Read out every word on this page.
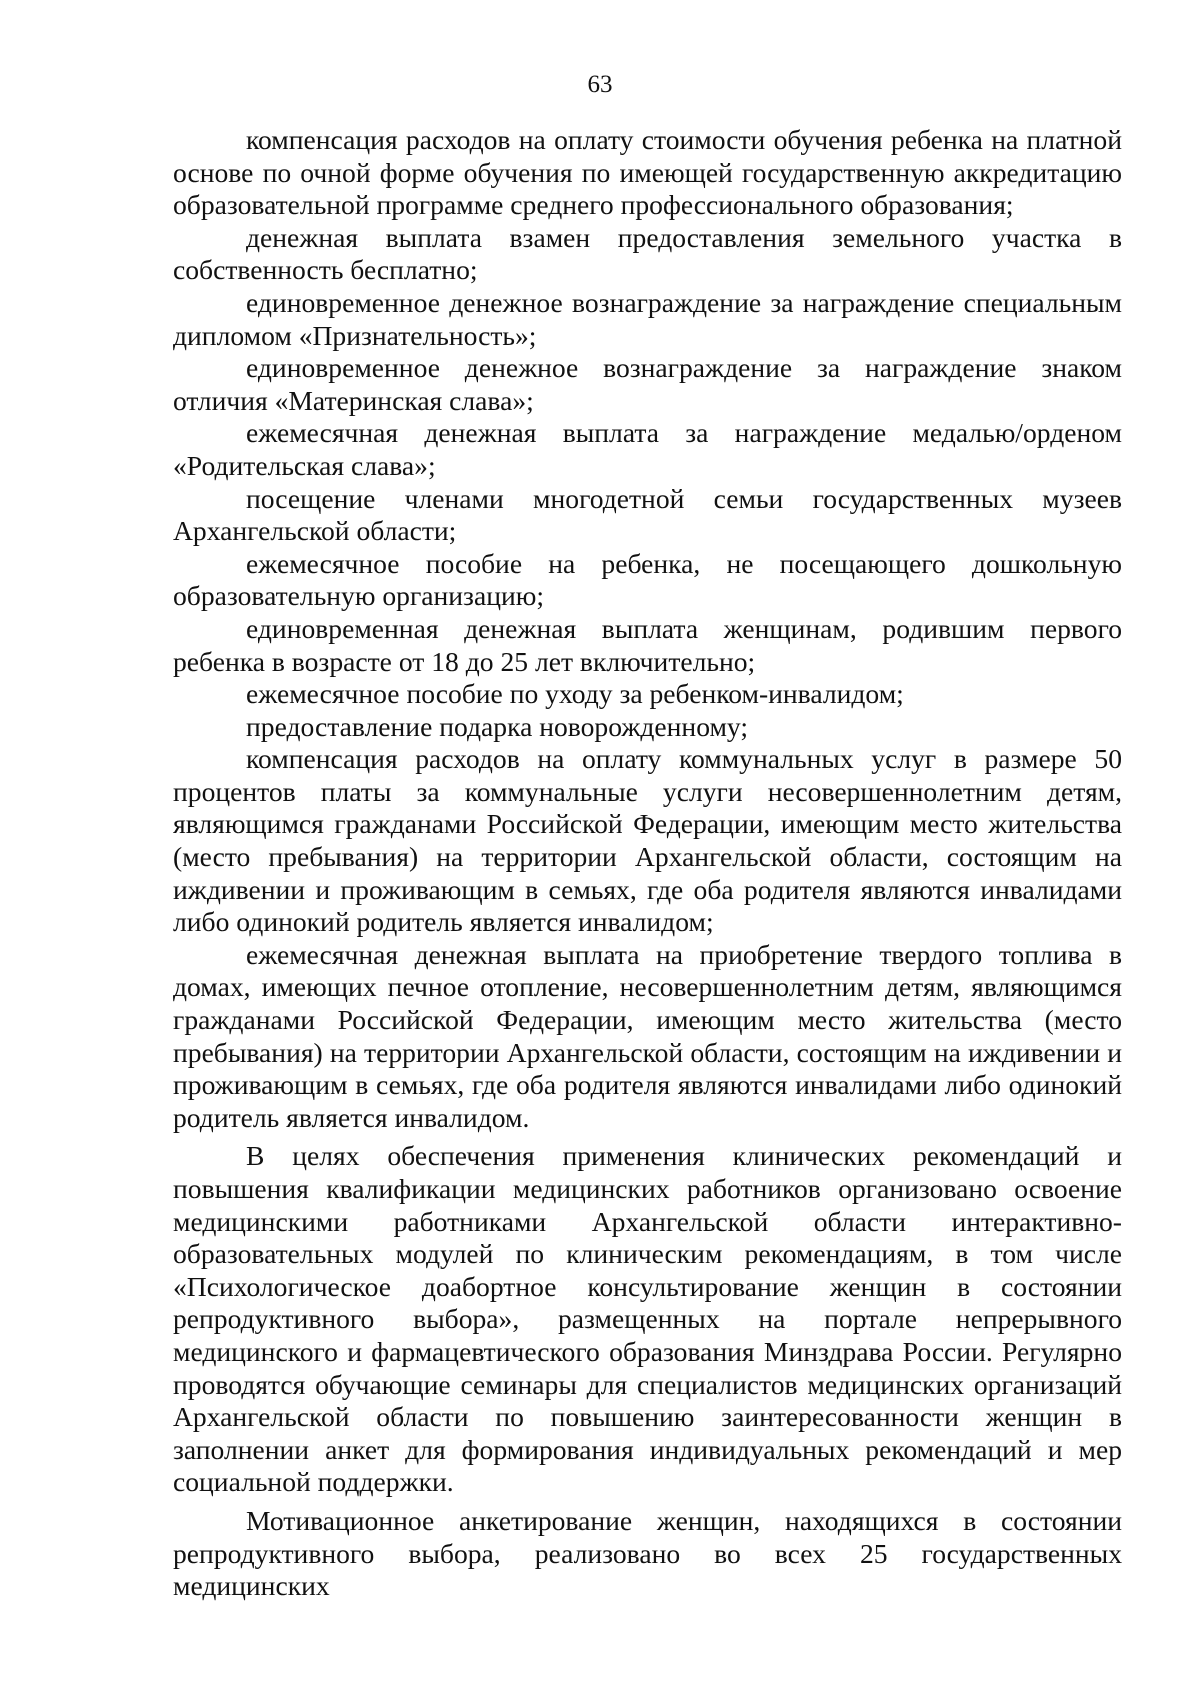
63

компенсация расходов на оплату стоимости обучения ребенка на платной основе по очной форме обучения по имеющей государственную аккредитацию образовательной программе среднего профессионального образования;

денежная выплата взамен предоставления земельного участка в собственность бесплатно;

единовременное денежное вознаграждение за награждение специальным дипломом «Признательность»;

единовременное денежное вознаграждение за награждение знаком отличия «Материнская слава»;

ежемесячная денежная выплата за награждение медалью/орденом «Родительская слава»;

посещение членами многодетной семьи государственных музеев Архангельской области;

ежемесячное пособие на ребенка, не посещающего дошкольную образовательную организацию;

единовременная денежная выплата женщинам, родившим первого ребенка в возрасте от 18 до 25 лет включительно;

ежемесячное пособие по уходу за ребенком-инвалидом;

предоставление подарка новорожденному;

компенсация расходов на оплату коммунальных услуг в размере 50 процентов платы за коммунальные услуги несовершеннолетним детям, являющимся гражданами Российской Федерации, имеющим место жительства (место пребывания) на территории Архангельской области, состоящим на иждивении и проживающим в семьях, где оба родителя являются инвалидами либо одинокий родитель является инвалидом;

ежемесячная денежная выплата на приобретение твердого топлива в домах, имеющих печное отопление, несовершеннолетним детям, являющимся гражданами Российской Федерации, имеющим место жительства (место пребывания) на территории Архангельской области, состоящим на иждивении и проживающим в семьях, где оба родителя являются инвалидами либо одинокий родитель является инвалидом.

В целях обеспечения применения клинических рекомендаций и повышения квалификации медицинских работников организовано освоение медицинскими работниками Архангельской области интерактивно-образовательных модулей по клиническим рекомендациям, в том числе «Психологическое доабортное консультирование женщин в состоянии репродуктивного выбора», размещенных на портале непрерывного медицинского и фармацевтического образования Минздрава России. Регулярно проводятся обучающие семинары для специалистов медицинских организаций Архангельской области по повышению заинтересованности женщин в заполнении анкет для формирования индивидуальных рекомендаций и мер социальной поддержки.

Мотивационное анкетирование женщин, находящихся в состоянии репродуктивного выбора, реализовано во всех 25 государственных медицинских
